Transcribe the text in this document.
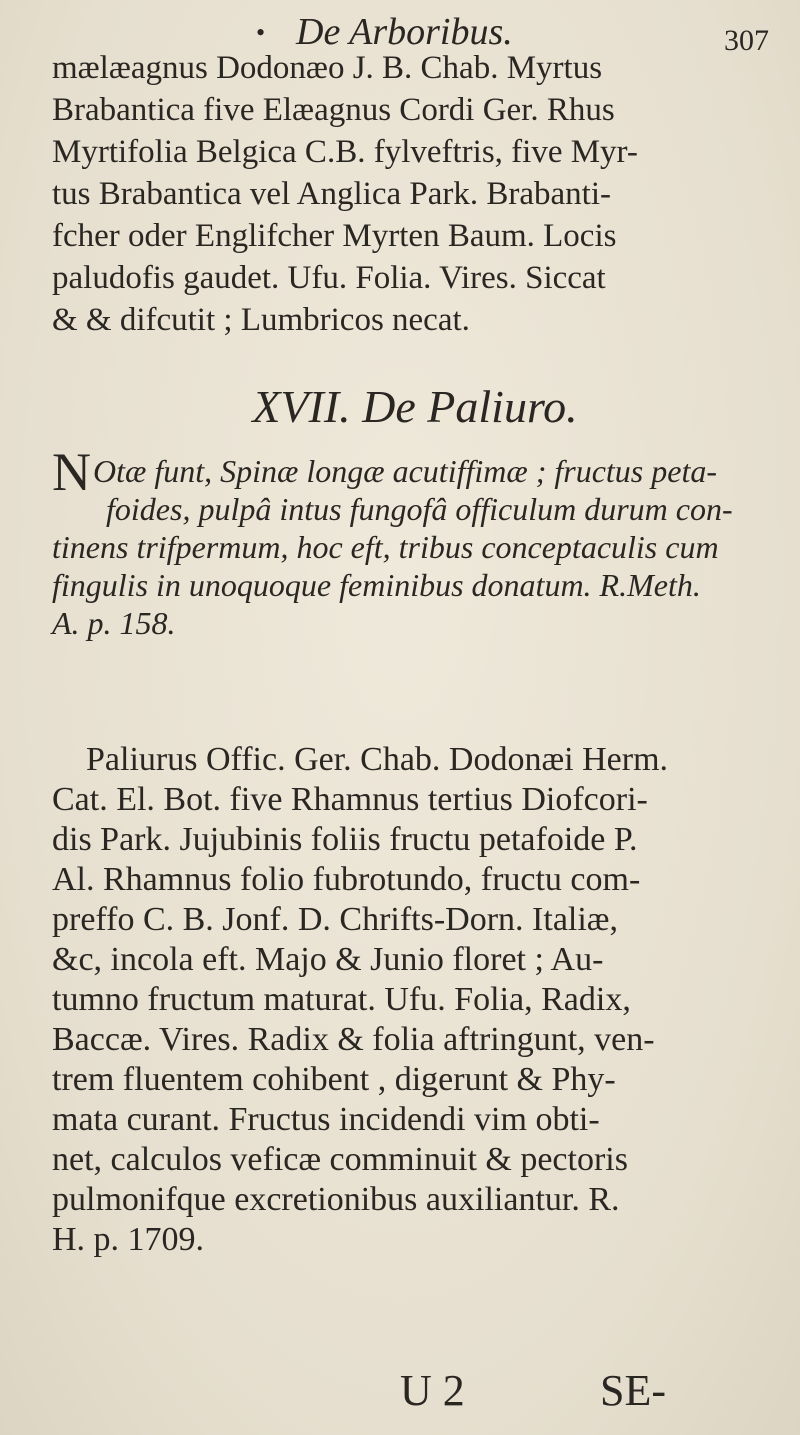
• De Arboribus.	307
mælæagnus Dodonæo J. B. Chab. Myrtus
Brabantica five Elæagnus Cordi Ger. Rhus
Myrtifolia Belgica C.B. fylveftris, five Myr-
tus Brabantica vel Anglica Park. Brabanti-
fcher oder Englifcher Myrten Baum. Locis
paludofis gaudet. Ufu. Folia. Vires. Siccat
& & difcutit ; Lumbricos necat.
XVII. De Paliuro.
NOtæ funt, Spinæ longæ acutiffimæ ; fructus peta-
foides, pulpâ intus fungofâ officulum durum con-
tinens trifpermum, hoc eft, tribus conceptaculis cum
fingulis in unoquoque feminibus donatum. R.Meth.
A. p. 158.
Paliurus Offic. Ger. Chab. Dodonæi Herm.
Cat. El. Bot. five Rhamnus tertius Diofcori-
dis Park. Jujubinis foliis fructu petafoide P.
Al. Rhamnus folio fubrotundo, fructu com-
preffo C. B. Jonf. D. Chrifts-Dorn. Italiæ,
&c, incola eft. Majo & Junio floret ; Au-
tumno fructum maturat. Ufu. Folia, Radix,
Baccæ. Vires. Radix & folia aftringunt, ven-
trem fluentem cohibent , digerunt & Phy-
mata curant. Fructus incidendi vim obti-
net, calculos veficæ comminuit & pectoris
pulmonifque excretionibus auxiliantur. R.
H. p. 1709.
U 2	SE-
